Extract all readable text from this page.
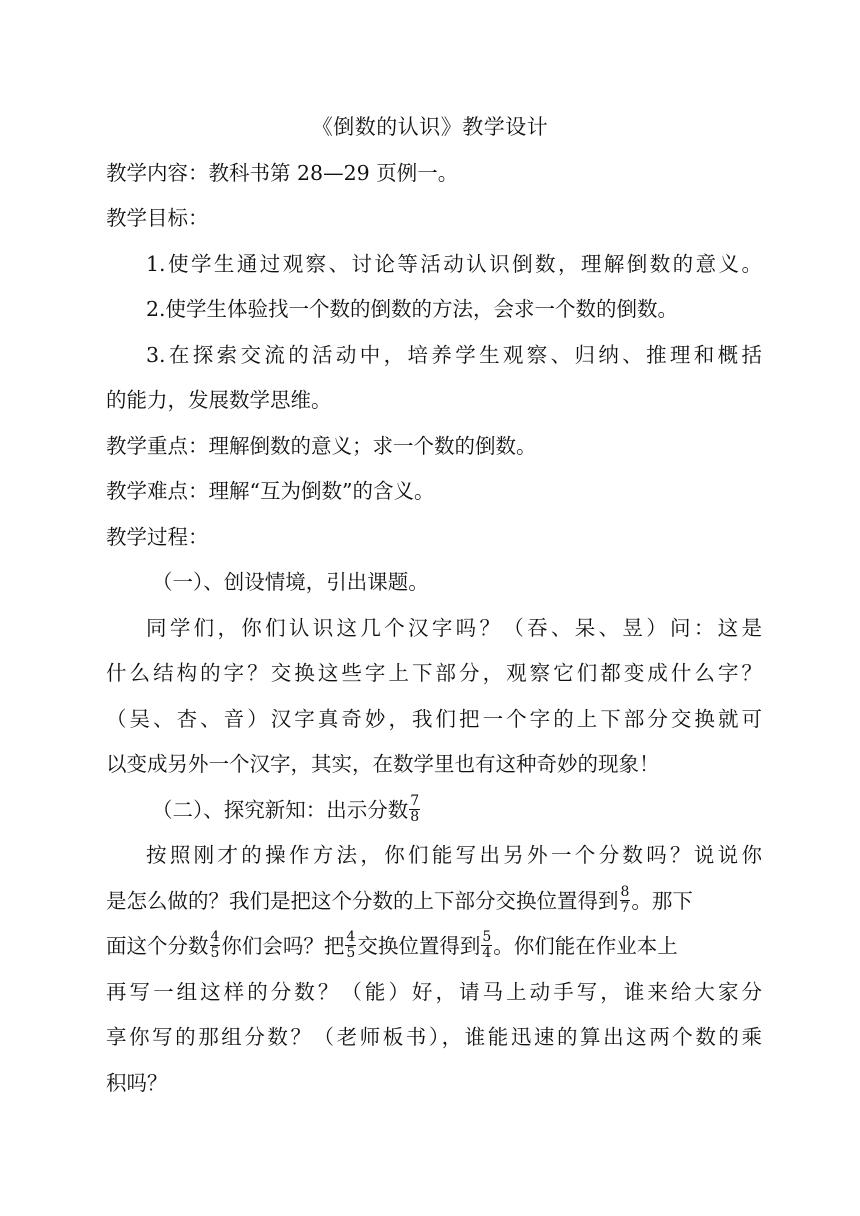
《倒数的认识》教学设计
教学内容：教科书第 28—29 页例一。
教学目标：
1.使学生通过观察、讨论等活动认识倒数，理解倒数的意义。
2.使学生体验找一个数的倒数的方法，会求一个数的倒数。
3.在探索交流的活动中，培养学生观察、归纳、推理和概括
的能力，发展数学思维。
教学重点：理解倒数的意义；求一个数的倒数。
教学难点：理解“互为倒数”的含义。
教学过程：
（一）、创设情境，引出课题。
同学们，你们认识这几个汉字吗？（吞、呆、昱）问：这是
什么结构的字？交换这些字上下部分，观察它们都变成什么字？
（吴、杏、音）汉字真奇妙，我们把一个字的上下部分交换就可
以变成另外一个汉字，其实，在数学里也有这种奇妙的现象！
（二）、探究新知：出示分数 $\frac{7}{8}$
按照刚才的操作方法，你们能写出另外一个分数吗？说说你
是怎么做的？我们是把这个分数的上下部分交换位置得到 $\frac{8}{7}$ 。那下
面这个分数 $\frac{4}{5}$ 你们会吗？把 $\frac{4}{5}$ 交换位置得到 $\frac{5}{4}$ 。你们能在作业本上
再写一组这样的分数？（能）好，请马上动手写，谁来给大家分
享你写的那组分数？（老师板书），谁能迅速的算出这两个数的乘
积吗？
